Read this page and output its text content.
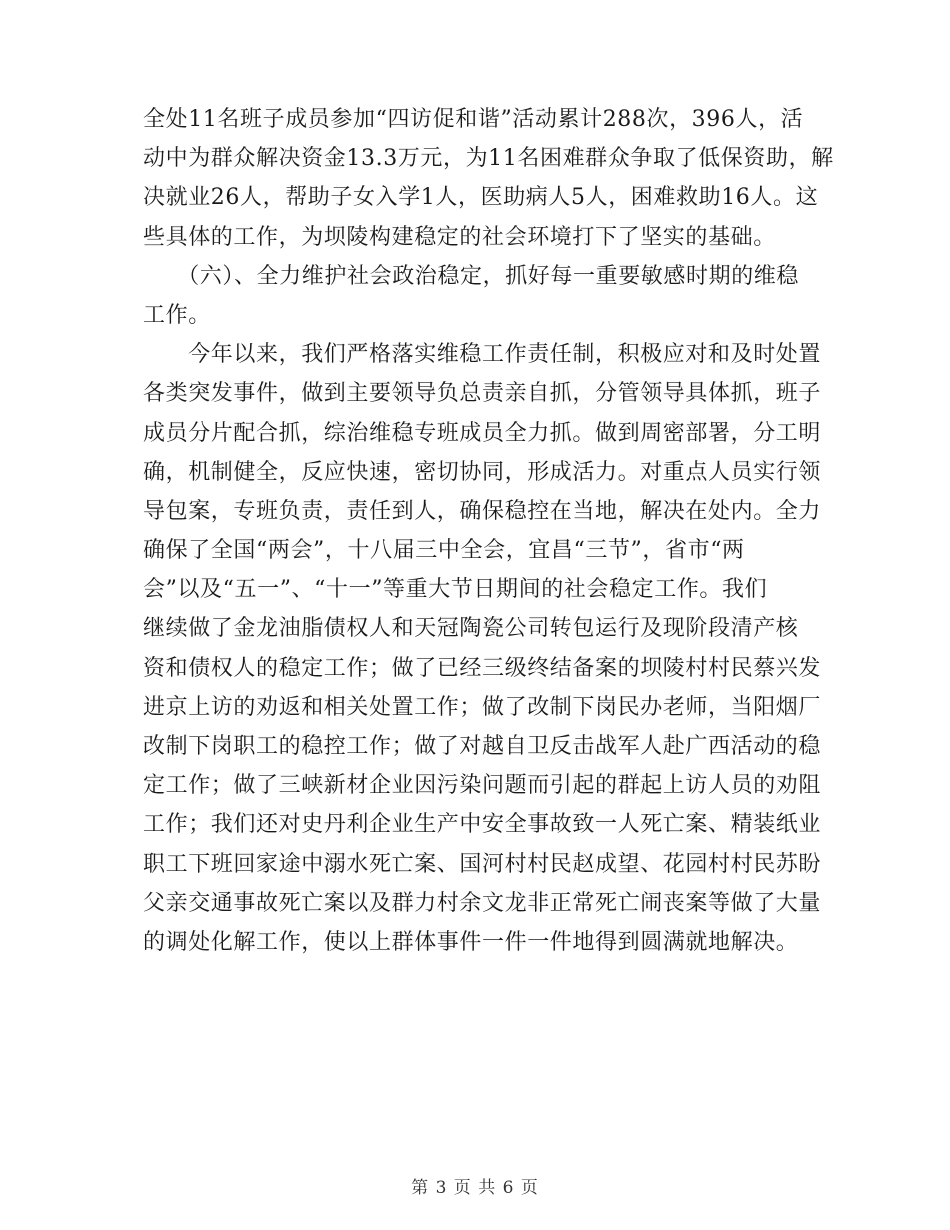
全处11名班子成员参加“四访促和谐”活动累计288次，396人，活
动中为群众解决资金13.3万元，为11名困难群众争取了低保资助，解
决就业26人，帮助子女入学1人，医助病人5人，困难救助16人。这
些具体的工作，为坝陵构建稳定的社会环境打下了坚实的基础。
　　（六）、全力维护社会政治稳定，抓好每一重要敏感时期的维稳
工作。
　　今年以来，我们严格落实维稳工作责任制，积极应对和及时处置
各类突发事件，做到主要领导负总责亲自抓，分管领导具体抓，班子
成员分片配合抓，综治维稳专班成员全力抓。做到周密部署，分工明
确，机制健全，反应快速，密切协同，形成活力。对重点人员实行领
导包案，专班负责，责任到人，确保稳控在当地，解决在处内。全力
确保了全国“两会”，十八届三中全会，宜昌“三节”，省市“两
会”以及“五一”、“十一”等重大节日期间的社会稳定工作。我们
继续做了金龙油脂债权人和天冠陶瓷公司转包运行及现阶段清产核
资和债权人的稳定工作；做了已经三级终结备案的坝陵村村民蔡兴发
进京上访的劝返和相关处置工作；做了改制下岗民办老师，当阳烟厂
改制下岗职工的稳控工作；做了对越自卫反击战军人赴广西活动的稳
定工作；做了三峡新材企业因污染问题而引起的群起上访人员的劝阻
工作；我们还对史丹利企业生产中安全事故致一人死亡案、精装纸业
职工下班回家途中溺水死亡案、国河村村民赵成望、花园村村民苏盼
父亲交通事故死亡案以及群力村余文龙非正常死亡闹丧案等做了大量
的调处化解工作，使以上群体事件一件一件地得到圆满就地解决。
第 3 页 共 6 页
